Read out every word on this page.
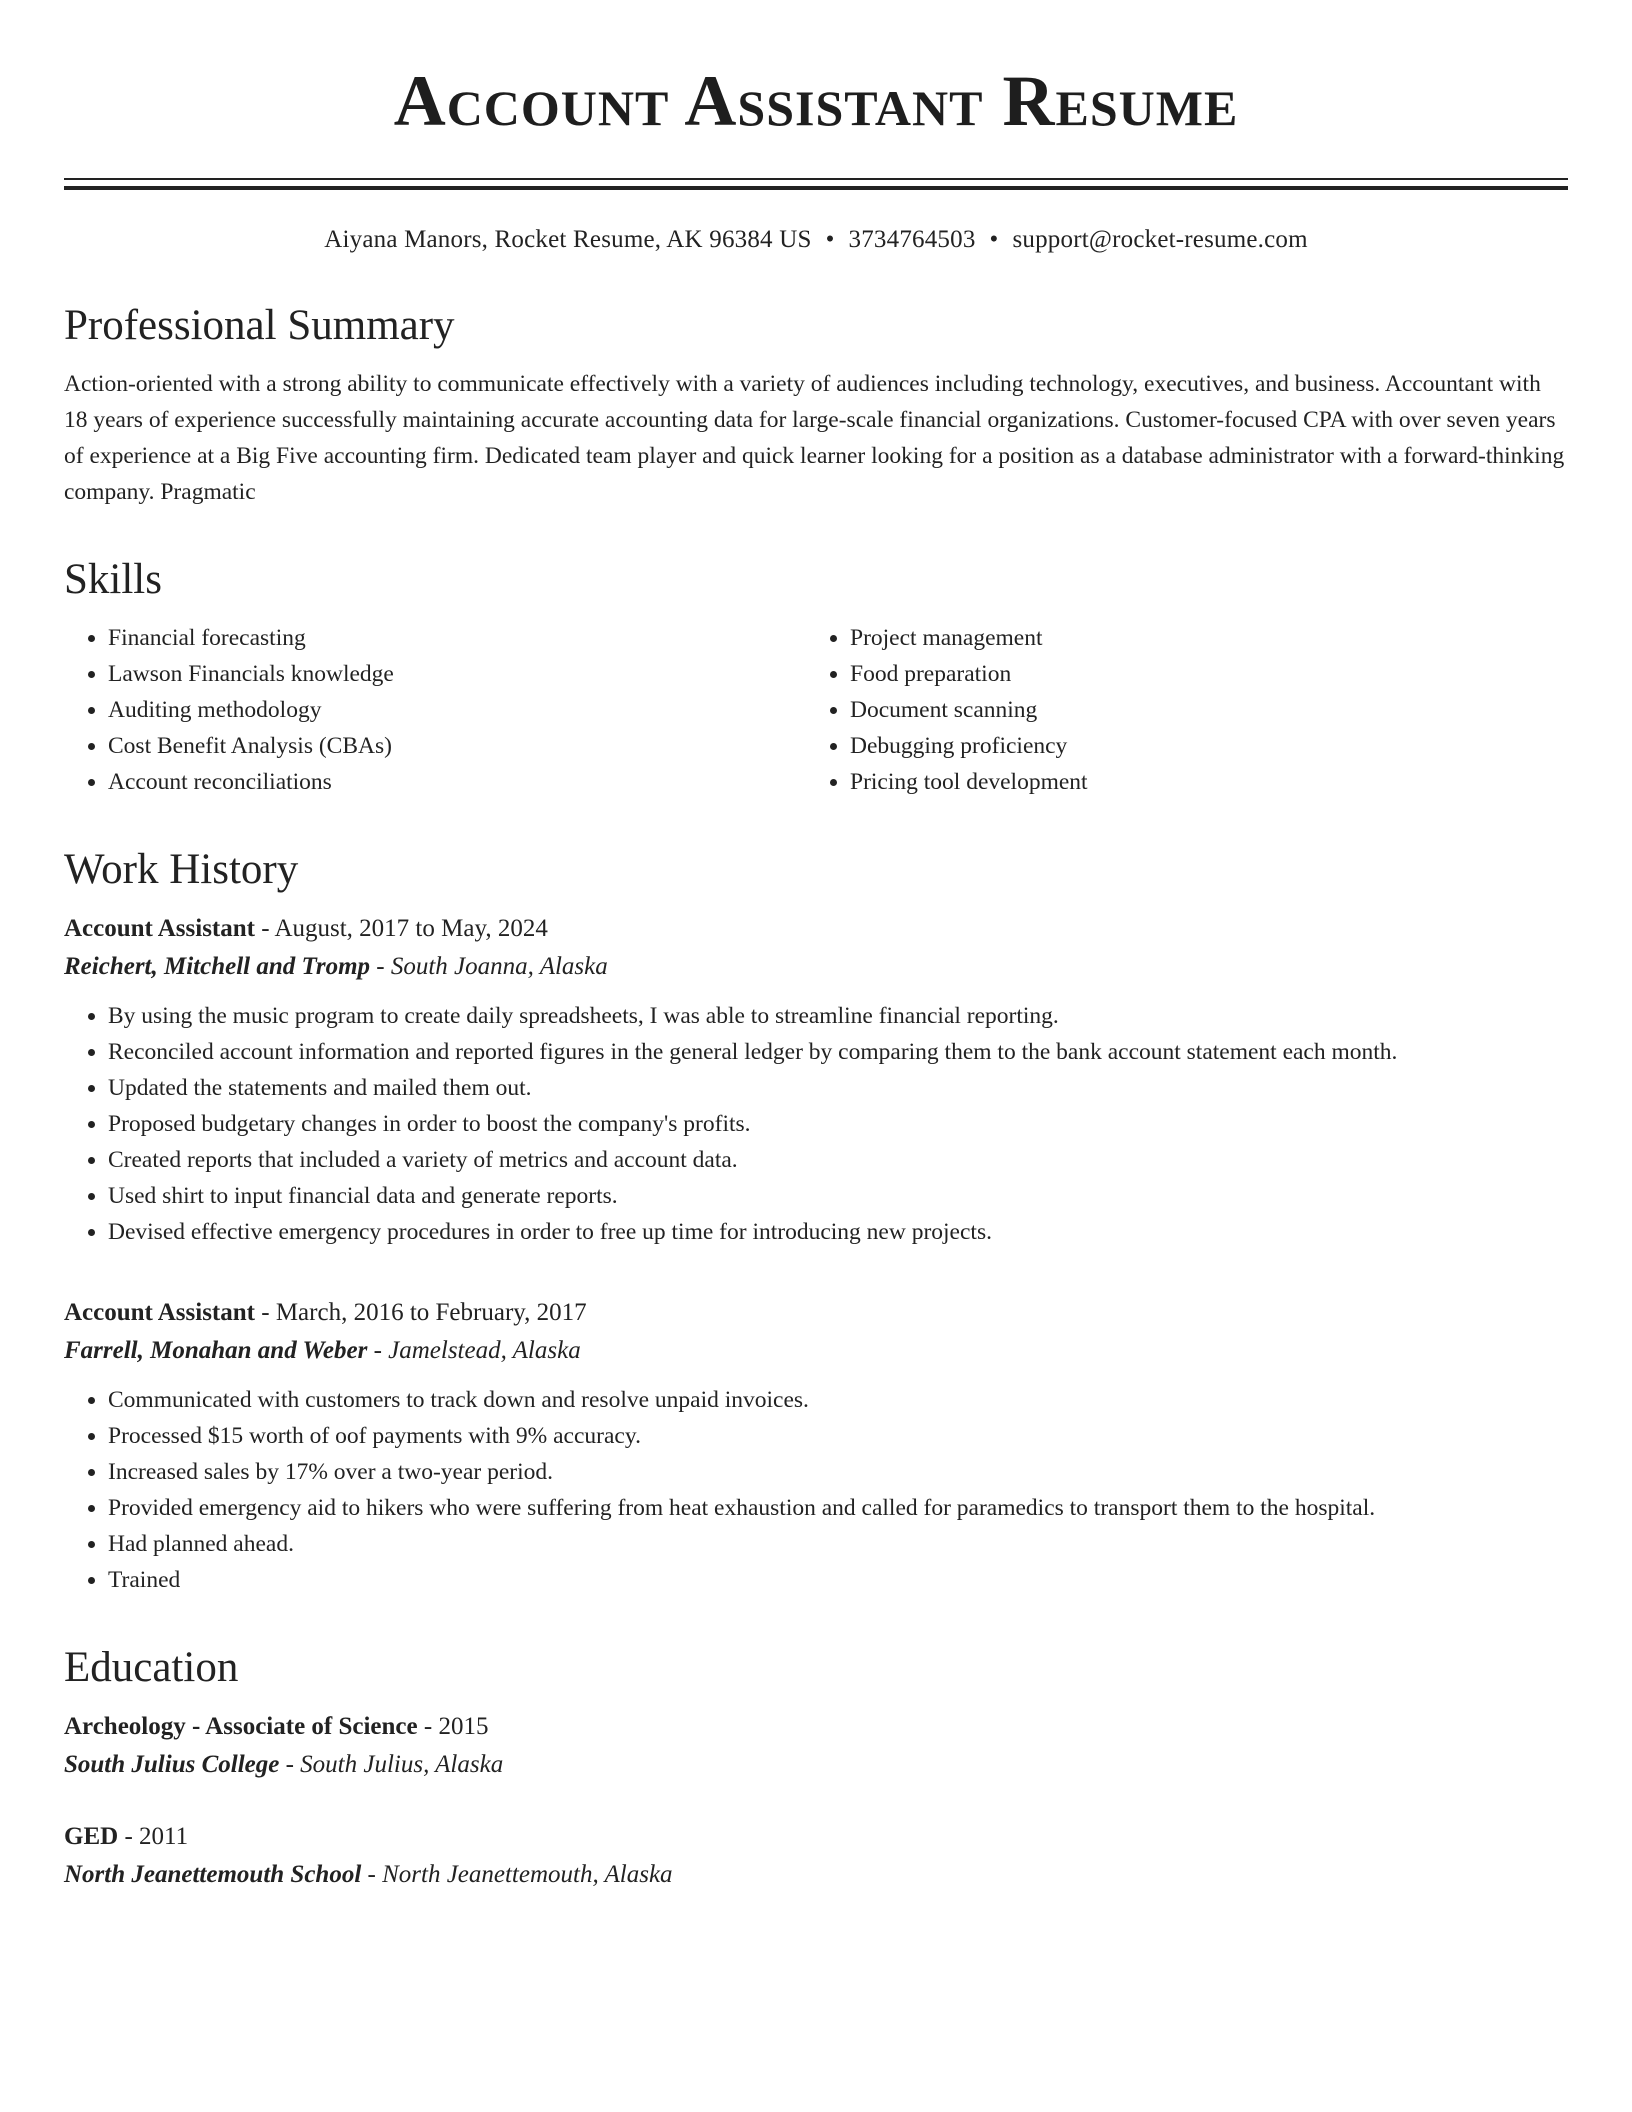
Account Assistant Resume
Aiyana Manors, Rocket Resume, AK 96384 US • 3734764503 • support@rocket-resume.com
Professional Summary

Action-oriented with a strong ability to communicate effectively with a variety of audiences including technology, executives, and business. Accountant with 18 years of experience successfully maintaining accurate accounting data for large-scale financial organizations. Customer-focused CPA with over seven years of experience at a Big Five accounting firm. Dedicated team player and quick learner looking for a position as a database administrator with a forward-thinking company. Pragmatic

Skills
• Financial forecasting
• Lawson Financials knowledge
• Auditing methodology
• Cost Benefit Analysis (CBAs)
• Account reconciliations
• Project management
• Food preparation
• Document scanning
• Debugging proficiency
• Pricing tool development
Work History
Account Assistant - August, 2017 to May, 2024
Reichert, Mitchell and Tromp - South Joanna, Alaska
• By using the music program to create daily spreadsheets, I was able to streamline financial reporting.
• Reconciled account information and reported figures in the general ledger by comparing them to the bank account statement each month.
• Updated the statements and mailed them out.
• Proposed budgetary changes in order to boost the company's profits.
• Created reports that included a variety of metrics and account data.
• Used shirt to input financial data and generate reports.
• Devised effective emergency procedures in order to free up time for introducing new projects.
Account Assistant - March, 2016 to February, 2017
Farrell, Monahan and Weber - Jamelstead, Alaska
• Communicated with customers to track down and resolve unpaid invoices.
• Processed $15 worth of oof payments with 9% accuracy.
• Increased sales by 17% over a two-year period.
• Provided emergency aid to hikers who were suffering from heat exhaustion and called for paramedics to transport them to the hospital.
• Had planned ahead.
• Trained
Education
Archeology - Associate of Science - 2015
South Julius College - South Julius, Alaska
GED - 2011
North Jeanettemouth School - North Jeanettemouth, Alaska
